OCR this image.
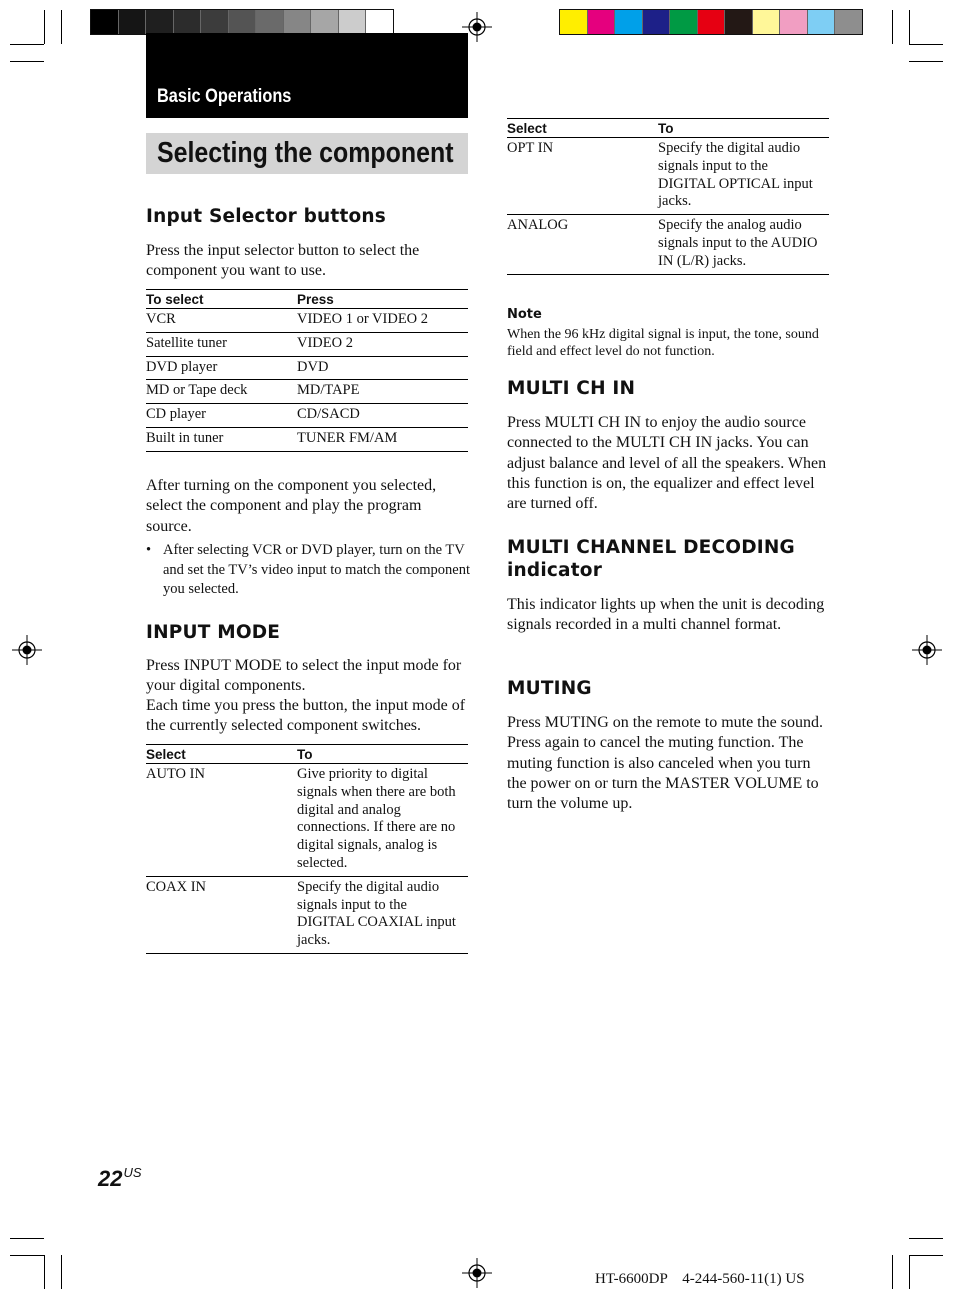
Basic Operations
Selecting the component
Input Selector buttons

Press the input selector button to select the component you want to use.

To select	Press
VCR	VIDEO 1 or VIDEO 2
Satellite tuner	VIDEO 2
DVD player	DVD
MD or Tape deck	MD/TAPE
CD player	CD/SACD
Built in tuner	TUNER FM/AM

After turning on the component you selected, select the component and play the program source.

• After selecting VCR or DVD player, turn on the TV and set the TV’s video input to match the component you selected.

INPUT MODE

Press INPUT MODE to select the input mode for your digital components.

Each time you press the button, the input mode of the currently selected component switches.

Select	To
AUTO IN	Give priority to digital signals when there are both digital and analog connections. If there are no digital signals, analog is selected.
COAX IN	Specify the digital audio signals input to the DIGITAL COAXIAL input jacks.
Select	To
OPT IN	Specify the digital audio signals input to the DIGITAL OPTICAL input jacks.
ANALOG	Specify the analog audio signals input to the AUDIO IN (L/R) jacks.
Note

When the 96 kHz digital signal is input, the tone, sound field and effect level do not function.

MULTI CH IN

Press MULTI CH IN to enjoy the audio source connected to the MULTI CH IN jacks. You can adjust balance and level of all the speakers. When this function is on, the equalizer and effect level are turned off.

MULTI CHANNEL DECODING
indicator

This indicator lights up when the unit is decoding signals recorded in a multi channel format.

MUTING

Press MUTING on the remote to mute the sound. Press again to cancel the muting function. The muting function is also canceled when you turn the power on or turn the MASTER VOLUME to turn the volume up.

$22^{US}$
HT-6600DP    4-244-560-11(1) US
